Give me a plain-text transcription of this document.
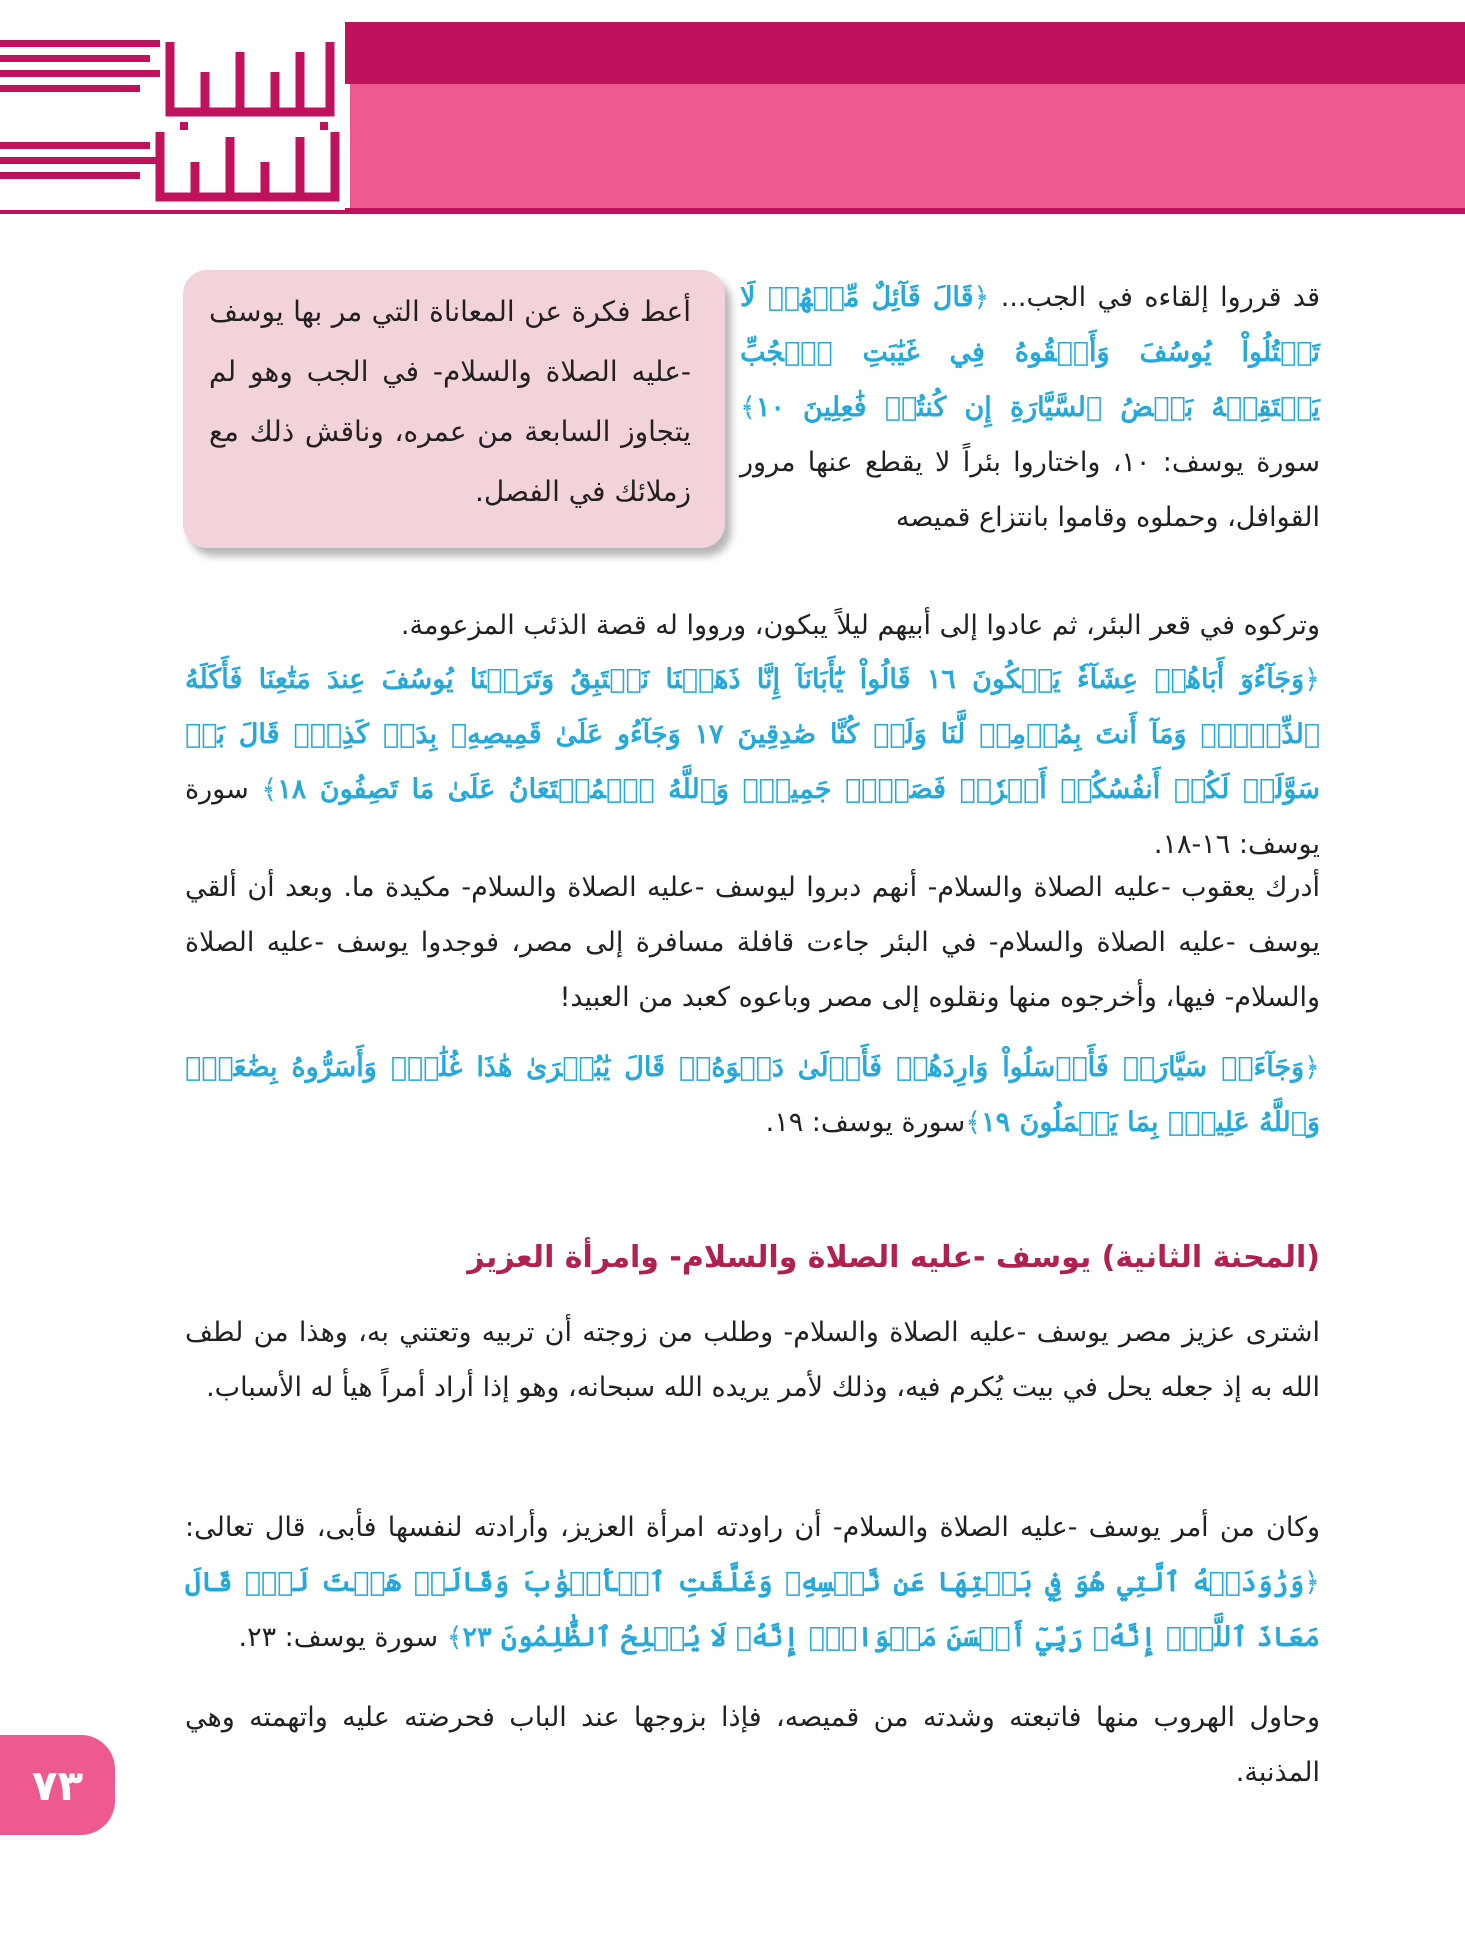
أعط فكرة عن المعاناة التي مر بها يوسف -عليه الصلاة والسلام- في الجب وهو لم يتجاوز السابعة من عمره، وناقش ذلك مع زملائك في الفصل.
قد قرروا إلقاءه في الجب... ﴿قَالَ قَآئِلٌ مِّنۡهُمۡ لَا تَقۡتُلُواْ يُوسُفَ وَأَلۡقُوهُ فِي غَيَٰبَتِ ٱلۡجُبِّ يَلۡتَقِطۡهُ بَعۡضُ ٱلسَّيَّارَةِ إِن كُنتُمۡ فَٰعِلِينَ ١٠﴾ سورة يوسف: ١٠، واختاروا بئراً لا يقطع عنها مرور القوافل، وحملوه وقاموا بانتزاع قميصه
وتركوه في قعر البئر، ثم عادوا إلى أبيهم ليلاً يبكون، ورووا له قصة الذئب المزعومة.
﴿وَجَآءُوٓ أَبَاهُمۡ عِشَآءٗ يَبۡكُونَ ١٦ قَالُواْ يَٰٓأَبَانَآ إِنَّا ذَهَبۡنَا نَسۡتَبِقُ وَتَرَكۡنَا يُوسُفَ عِندَ مَتَٰعِنَا فَأَكَلَهُ ٱلذِّئۡبُۖ وَمَآ أَنتَ بِمُؤۡمِنٖ لَّنَا وَلَوۡ كُنَّا صَٰدِقِينَ ١٧ وَجَآءُو عَلَىٰ قَمِيصِهِۦ بِدَمٖ كَذِبٖۚ قَالَ بَلۡ سَوَّلَتۡ لَكُمۡ أَنفُسُكُمۡ أَمۡرٗاۖ فَصَبۡرٞ جَمِيلٞۖ وَٱللَّهُ ٱلۡمُسۡتَعَانُ عَلَىٰ مَا تَصِفُونَ ١٨﴾ سورة يوسف: ١٦-١٨.
أدرك يعقوب -عليه الصلاة والسلام- أنهم دبروا ليوسف -عليه الصلاة والسلام- مكيدة ما. وبعد أن ألقي يوسف -عليه الصلاة والسلام- في البئر جاءت قافلة مسافرة إلى مصر، فوجدوا يوسف -عليه الصلاة والسلام- فيها، وأخرجوه منها ونقلوه إلى مصر وباعوه كعبد من العبيد!
﴿وَجَآءَتۡ سَيَّارَةٞ فَأَرۡسَلُواْ وَارِدَهُمۡ فَأَدۡلَىٰ دَلۡوَهُۥۖ قَالَ يَٰبُشۡرَىٰ هَٰذَا غُلَٰمٞۚ وَأَسَرُّوهُ بِضَٰعَةٗۚ وَٱللَّهُ عَلِيمُۢ بِمَا يَعۡمَلُونَ ١٩﴾سورة يوسف: ١٩.
(المحنة الثانية) يوسف -عليه الصلاة والسلام- وامرأة العزيز
اشترى عزيز مصر يوسف -عليه الصلاة والسلام- وطلب من زوجته أن تربيه وتعتني به، وهذا من لطف الله به إذ جعله يحل في بيت يُكرم فيه، وذلك لأمر يريده الله سبحانه، وهو إذا أراد أمراً هيأ له الأسباب.
وكان من أمر يوسف -عليه الصلاة والسلام- أن راودته امرأة العزيز، وأرادته لنفسها فأبى، قال تعالى: ﴿وَرَٰوَدَتۡهُ ٱلَّتِي هُوَ فِي بَيۡتِهَا عَن نَّفۡسِهِۦ وَغَلَّقَتِ ٱلۡأَبۡوَٰبَ وَقَالَتۡ هَيۡتَ لَكَۚ قَالَ مَعَاذَ ٱللَّهِۖ إِنَّهُۥ رَبِّيٓ أَحۡسَنَ مَثۡوَايَۖ إِنَّهُۥ لَا يُفۡلِحُ ٱلظَّٰلِمُونَ ٢٣﴾ سورة يوسف: ٢٣.
وحاول الهروب منها فاتبعته وشدته من قميصه، فإذا بزوجها عند الباب فحرضته عليه واتهمته وهي المذنبة.
٧٣
